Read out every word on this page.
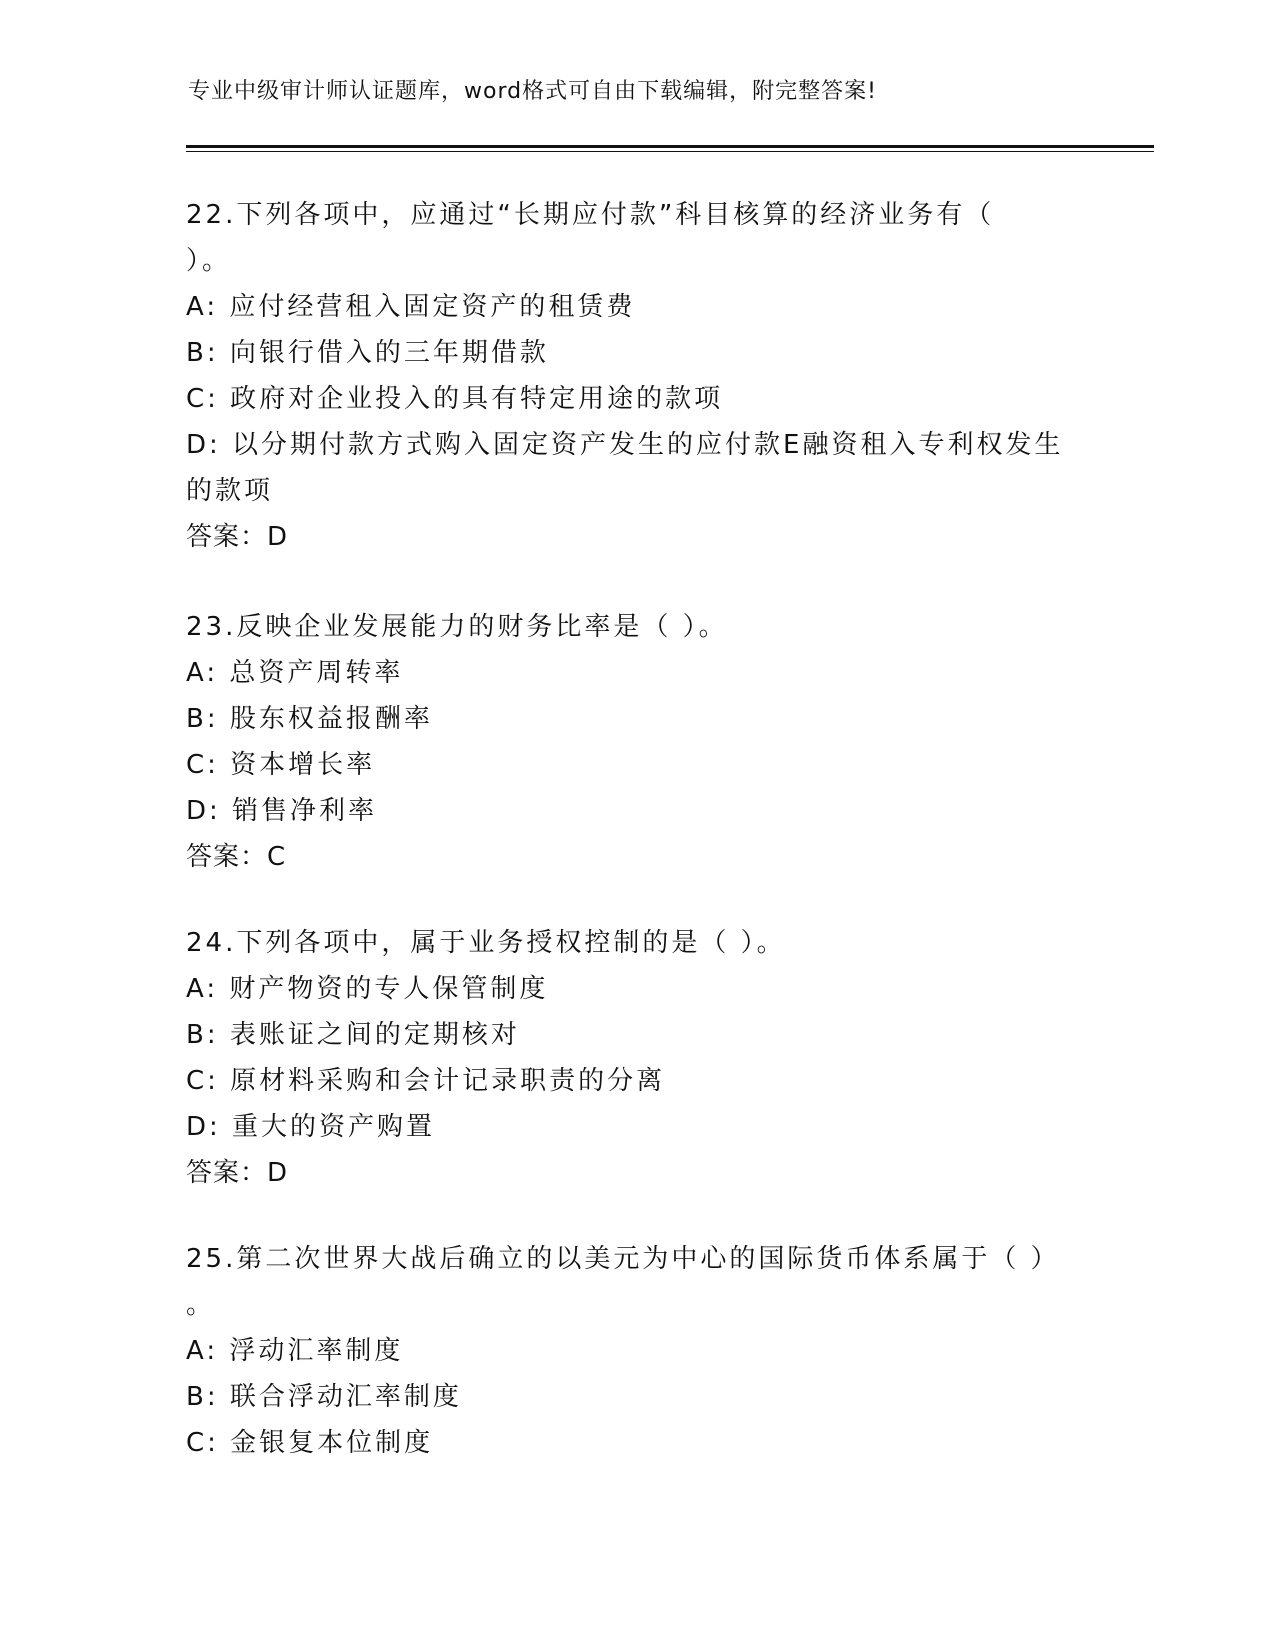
专业中级审计师认证题库，word格式可自由下载编辑，附完整答案!
22.下列各项中，应通过“长期应付款”科目核算的经济业务有（
）。
A: 应付经营租入固定资产的租赁费
B: 向银行借入的三年期借款
C: 政府对企业投入的具有特定用途的款项
D: 以分期付款方式购入固定资产发生的应付款E融资租入专利权发生
的款项
答案：D
23.反映企业发展能力的财务比率是（ ）。
A: 总资产周转率
B: 股东权益报酬率
C: 资本增长率
D: 销售净利率
答案：C
24.下列各项中，属于业务授权控制的是（ ）。
A: 财产物资的专人保管制度
B: 表账证之间的定期核对
C: 原材料采购和会计记录职责的分离
D: 重大的资产购置
答案：D
25.第二次世界大战后确立的以美元为中心的国际货币体系属于（ ）
。
A: 浮动汇率制度
B: 联合浮动汇率制度
C: 金银复本位制度
